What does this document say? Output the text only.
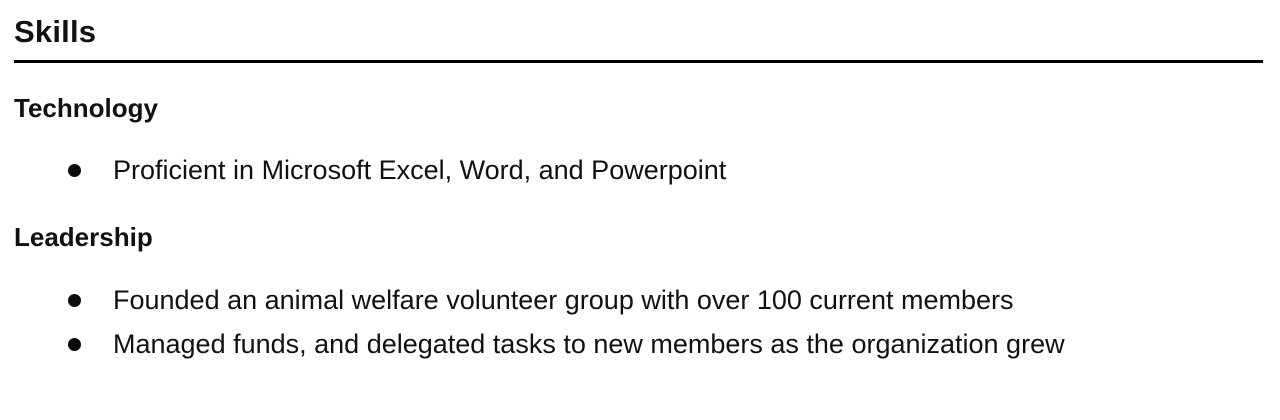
Skills
Technology
Proficient in Microsoft Excel, Word, and Powerpoint
Leadership
Founded an animal welfare volunteer group with over 100 current members
Managed funds, and delegated tasks to new members as the organization grew
